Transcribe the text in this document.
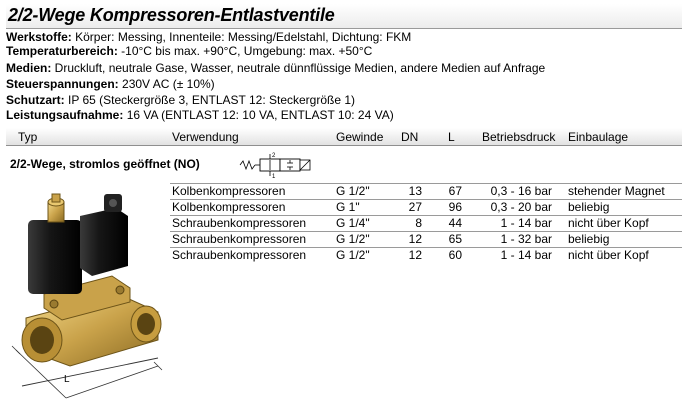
2/2-Wege Kompressoren-Entlastventile
Werkstoffe: Körper: Messing, Innenteile: Messing/Edelstahl, Dichtung: FKM
Temperaturbereich: -10°C bis max. +90°C, Umgebung: max. +50°C
Medien: Druckluft, neutrale Gase, Wasser, neutrale dünnflüssige Medien, andere Medien auf Anfrage
Steuerspannungen: 230V AC (± 10%)
Schutzart: IP 65 (Steckergröße 3, ENTLAST 12: Steckergröße 1)
Leistungsaufnahme: 16 VA (ENTLAST 12: 10 VA, ENTLAST 10: 24 VA)
Typ	Verwendung	Gewinde DN L Betriebsdruck Einbaulage
2/2-Wege, stromlos geöffnet (NO)
2
1
Kolbenkompressoren	G 1/2"	13	67	0,3 - 16 bar stehender Magnet
Kolbenkompressoren	G 1"	27	96	0,3 - 20 bar beliebig
Schraubenkompressoren G 1/4"	8	44	1 - 14 bar nicht über Kopf
Schraubenkompressoren G 1/2"	12	65	1 - 32 bar beliebig
Schraubenkompressoren G 1/2"	12	60	1 - 14 bar nicht über Kopf
L
